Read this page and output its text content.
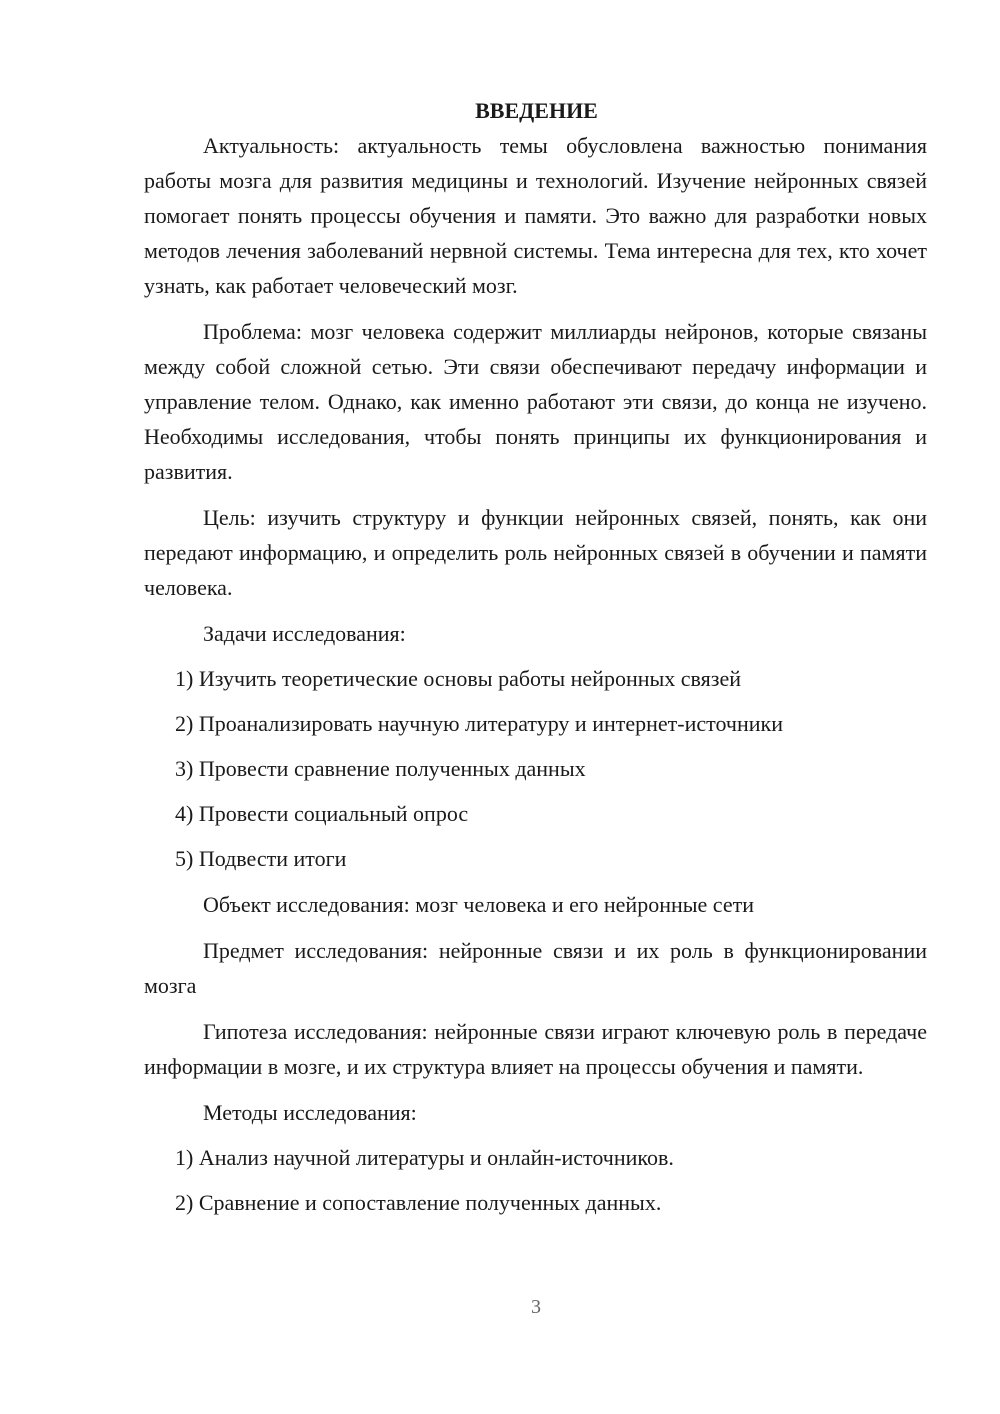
ВВЕДЕНИЕ

Актуальность: актуальность темы обусловлена важностью понимания работы мозга для развития медицины и технологий. Изучение нейронных связей помогает понять процессы обучения и памяти. Это важно для разработки новых методов лечения заболеваний нервной системы. Тема интересна для тех, кто хочет узнать, как работает человеческий мозг.

Проблема: мозг человека содержит миллиарды нейронов, которые связаны между собой сложной сетью. Эти связи обеспечивают передачу информации и управление телом. Однако, как именно работают эти связи, до конца не изучено. Необходимы исследования, чтобы понять принципы их функционирования и развития.

Цель: изучить структуру и функции нейронных связей, понять, как они передают информацию, и определить роль нейронных связей в обучении и памяти человека.

Задачи исследования:

1) Изучить теоретические основы работы нейронных связей

2) Проанализировать научную литературу и интернет-источники

3) Провести сравнение полученных данных

4) Провести социальный опрос

5) Подвести итоги

Объект исследования: мозг человека и его нейронные сети

Предмет исследования: нейронные связи и их роль в функционировании мозга

Гипотеза исследования: нейронные связи играют ключевую роль в передаче информации в мозге, и их структура влияет на процессы обучения и памяти.

Методы исследования:

1) Анализ научной литературы и онлайн-источников.

2) Сравнение и сопоставление полученных данных.

3
